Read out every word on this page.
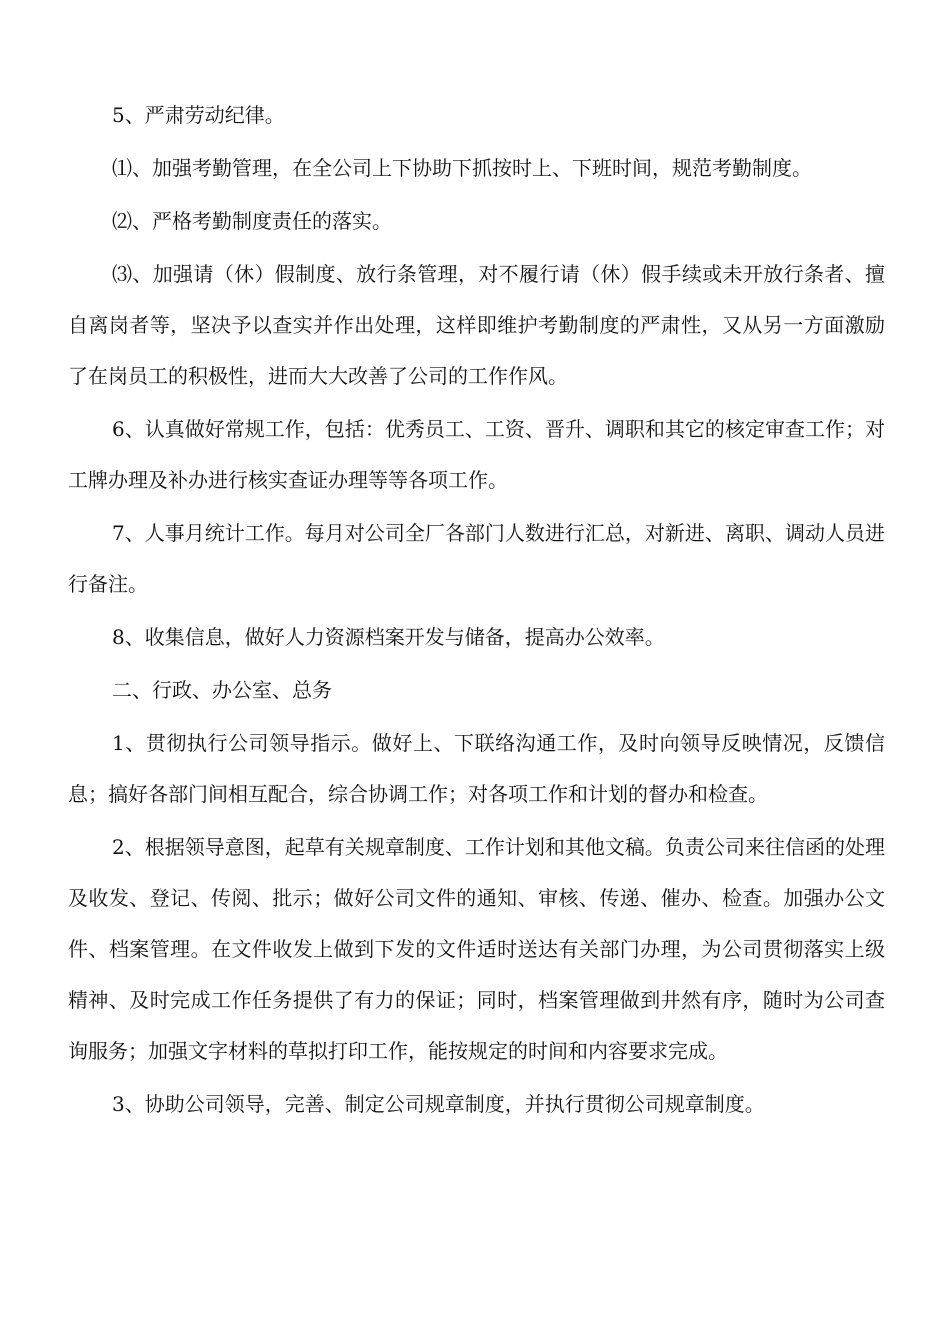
5、严肃劳动纪律。

⑴、加强考勤管理，在全公司上下协助下抓按时上、下班时间，规范考勤制度。

⑵、严格考勤制度责任的落实。

⑶、加强请（休）假制度、放行条管理，对不履行请（休）假手续或未开放行条者、擅自离岗者等，坚决予以查实并作出处理，这样即维护考勤制度的严肃性，又从另一方面激励了在岗员工的积极性，进而大大改善了公司的工作作风。

6、认真做好常规工作，包括：优秀员工、工资、晋升、调职和其它的核定审查工作；对工牌办理及补办进行核实查证办理等等各项工作。

7、人事月统计工作。每月对公司全厂各部门人数进行汇总，对新进、离职、调动人员进行备注。

8、收集信息，做好人力资源档案开发与储备，提高办公效率。

二、行政、办公室、总务

1、贯彻执行公司领导指示。做好上、下联络沟通工作，及时向领导反映情况，反馈信息；搞好各部门间相互配合，综合协调工作；对各项工作和计划的督办和检查。

2、根据领导意图，起草有关规章制度、工作计划和其他文稿。负责公司来往信函的处理及收发、登记、传阅、批示；做好公司文件的通知、审核、传递、催办、检查。加强办公文件、档案管理。在文件收发上做到下发的文件适时送达有关部门办理，为公司贯彻落实上级精神、及时完成工作任务提供了有力的保证；同时，档案管理做到井然有序，随时为公司查询服务；加强文字材料的草拟打印工作，能按规定的时间和内容要求完成。

3、协助公司领导，完善、制定公司规章制度，并执行贯彻公司规章制度。
